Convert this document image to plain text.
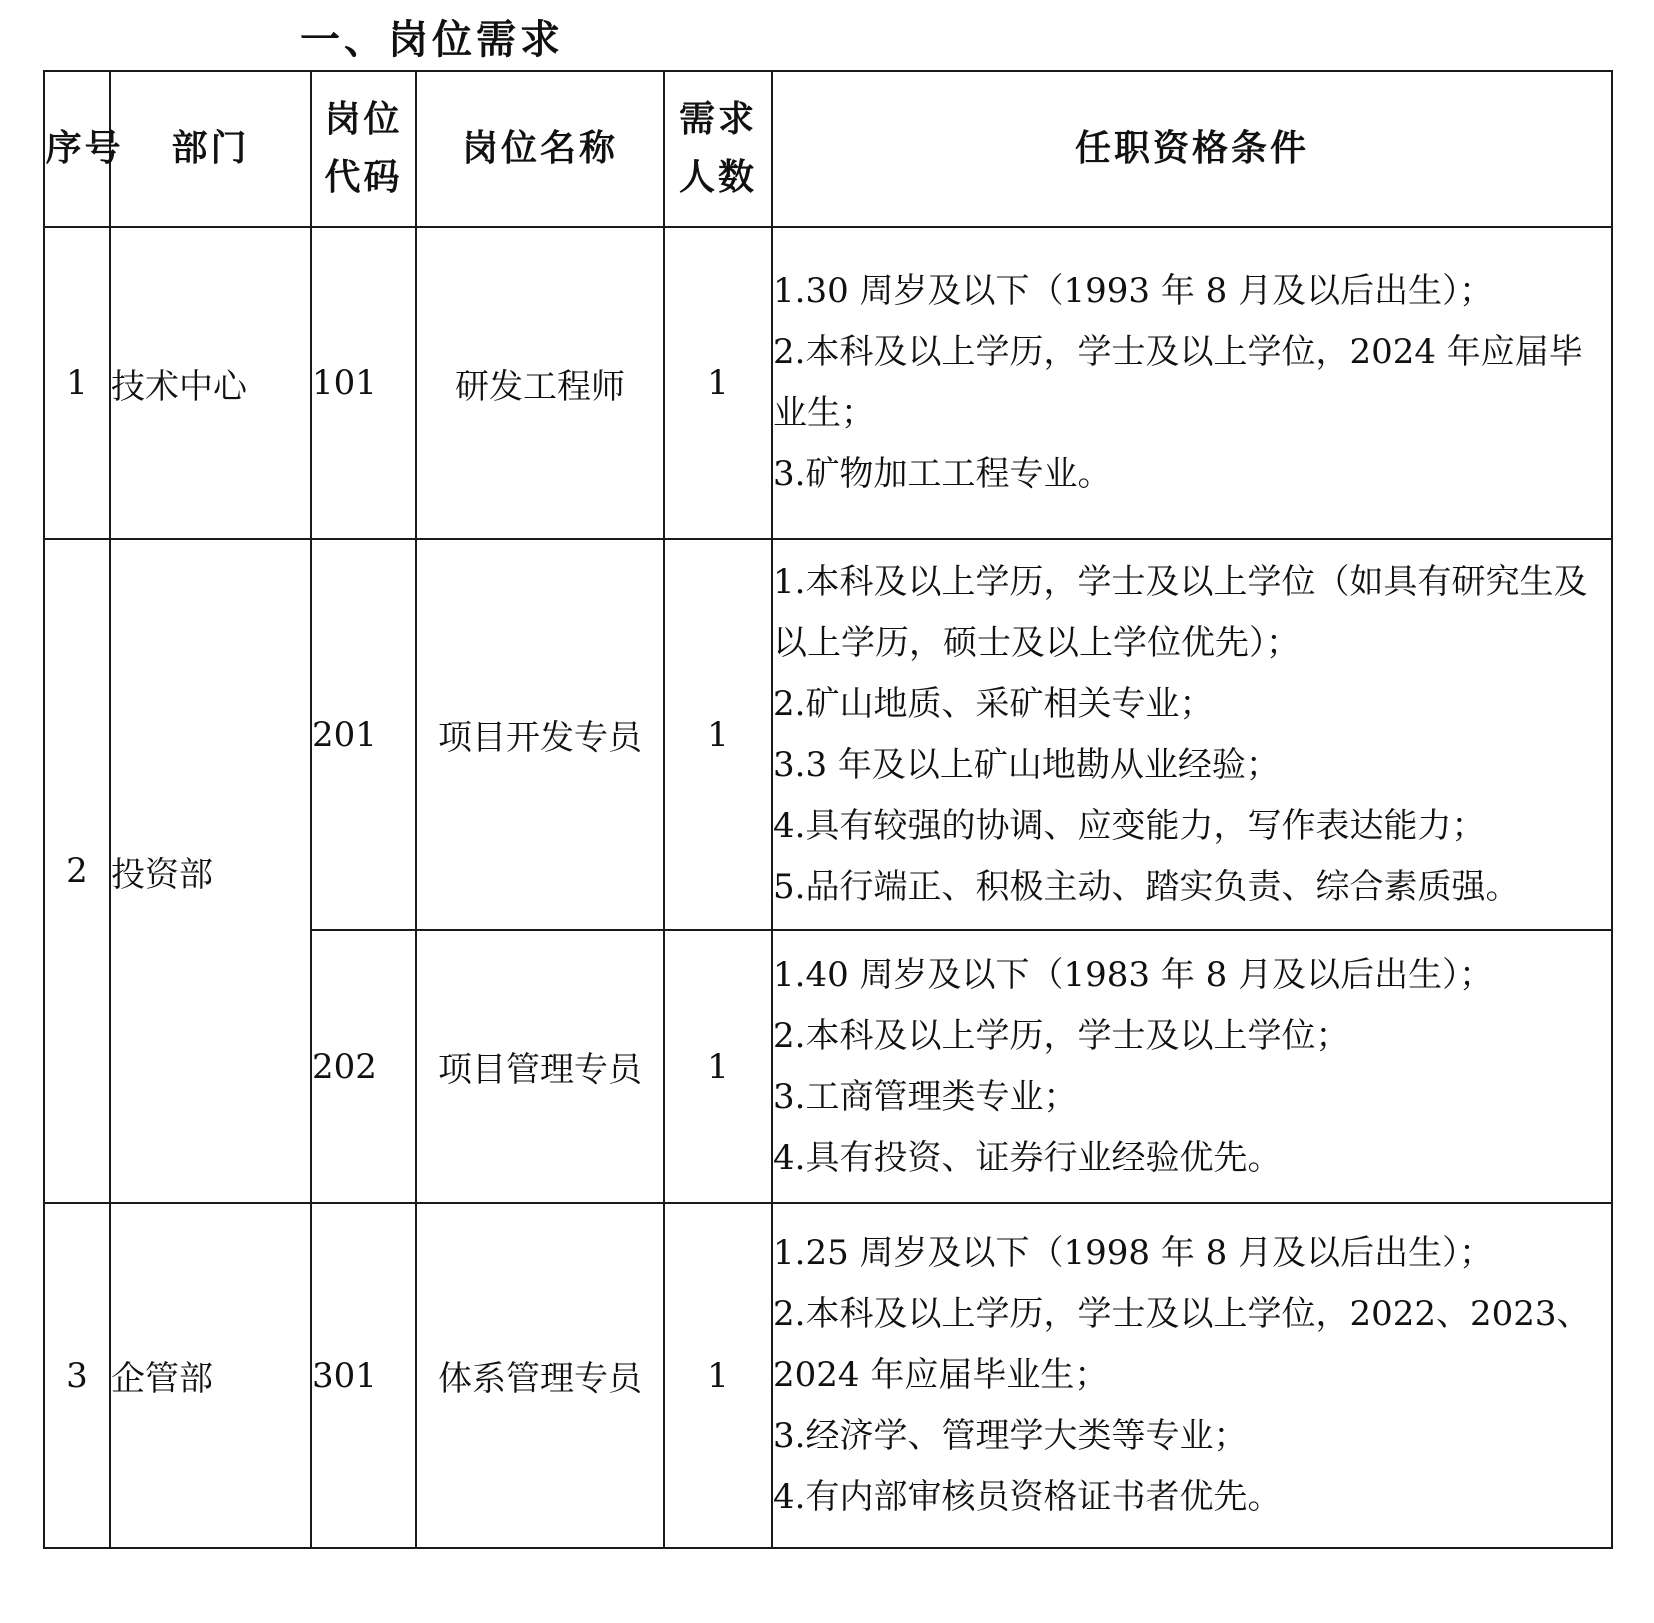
一、岗位需求
序号	部门	岗位代码	岗位名称	需求人数	任职资格条件
1	技术中心	101	研发工程师	1	1.30 周岁及以下（1993 年 8 月及以后出生）；
2.本科及以上学历，学士及以上学位，2024 年应届毕业生；
3.矿物加工工程专业。

2	投资部	201	项目开发专员	1	1.本科及以上学历，学士及以上学位（如具有研究生及以上学历，硕士及以上学位优先）；
2.矿山地质、采矿相关专业；
3.3 年及以上矿山地勘从业经验；
4.具有较强的协调、应变能力，写作表达能力；
5.品行端正、积极主动、踏实负责、综合素质强。

		202	项目管理专员	1	1.40 周岁及以下（1983 年 8 月及以后出生）；
2.本科及以上学历，学士及以上学位；
3.工商管理类专业；
4.具有投资、证券行业经验优先。

3	企管部	301	体系管理专员	1	1.25 周岁及以下（1998 年 8 月及以后出生）；
2.本科及以上学历，学士及以上学位，2022、2023、2024 年应届毕业生；
3.经济学、管理学大类等专业；
4.有内部审核员资格证书者优先。
